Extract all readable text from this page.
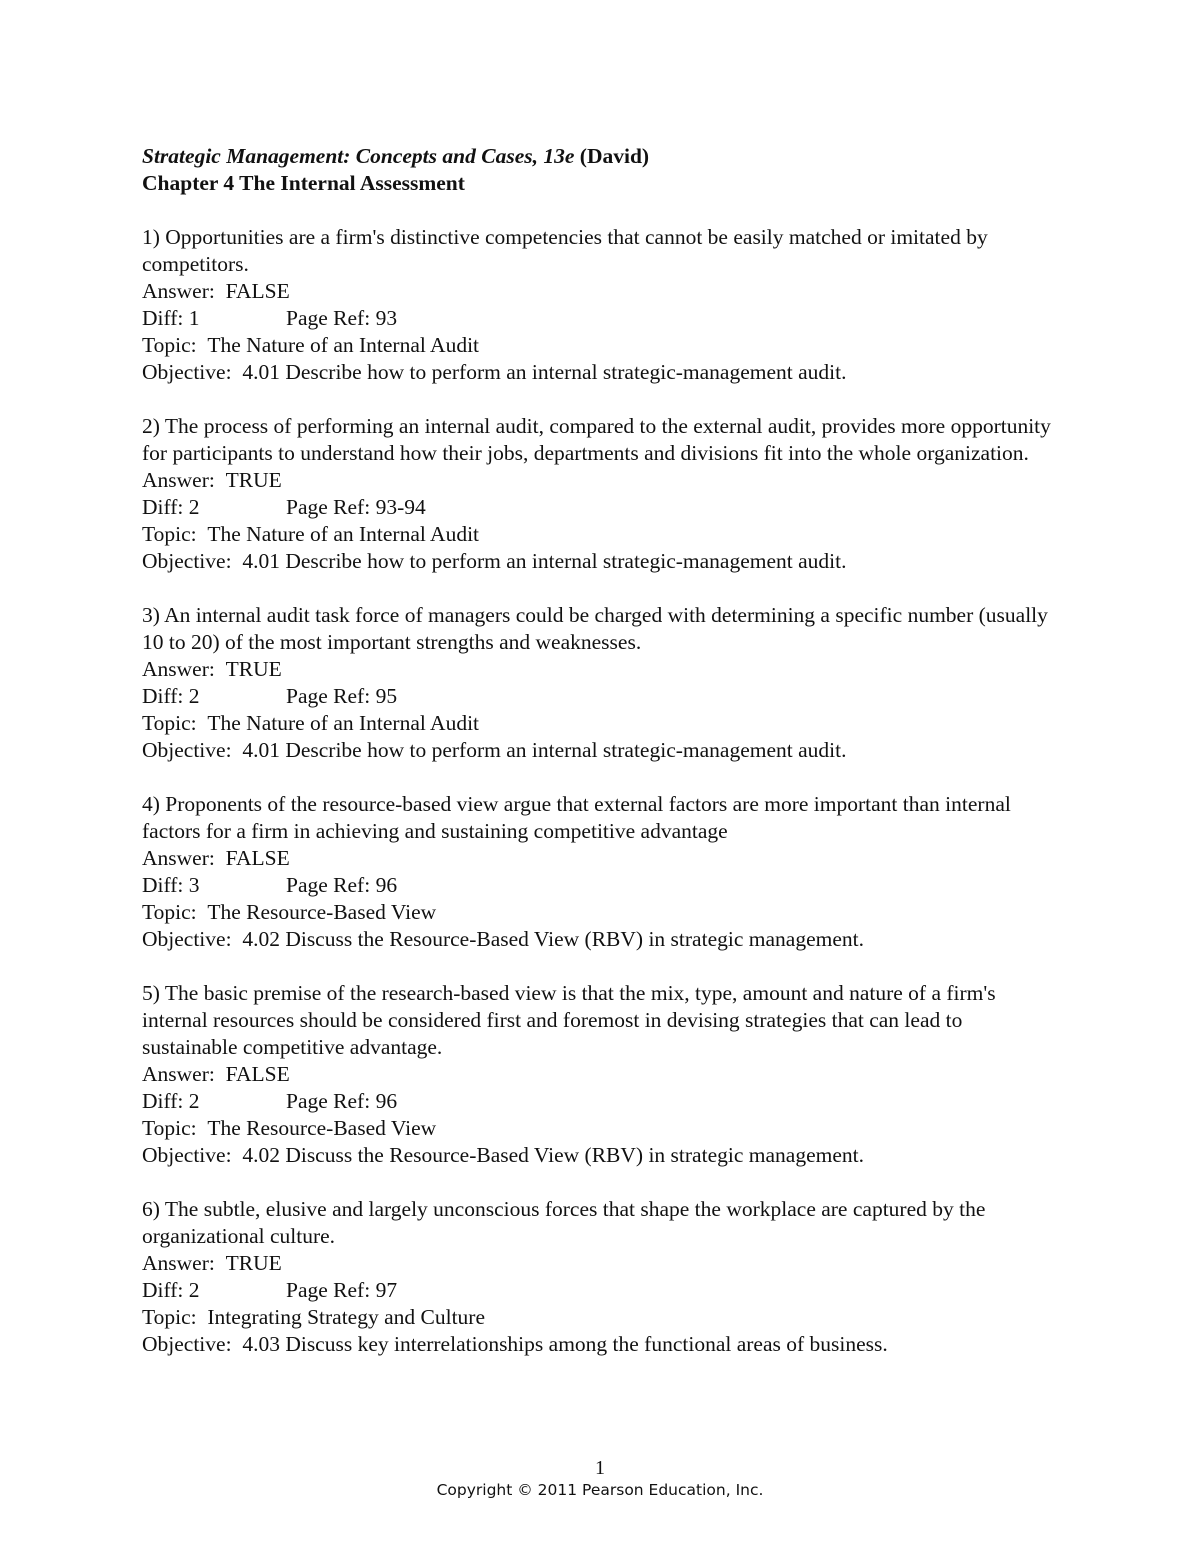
Strategic Management: Concepts and Cases, 13e (David)
Chapter 4 The Internal Assessment
1) Opportunities are a firm's distinctive competencies that cannot be easily matched or imitated by competitors.
Answer: FALSE
Diff: 1	Page Ref: 93
Topic: The Nature of an Internal Audit
Objective: 4.01 Describe how to perform an internal strategic-management audit.
2) The process of performing an internal audit, compared to the external audit, provides more opportunity for participants to understand how their jobs, departments and divisions fit into the whole organization.
Answer: TRUE
Diff: 2	Page Ref: 93-94
Topic: The Nature of an Internal Audit
Objective: 4.01 Describe how to perform an internal strategic-management audit.
3) An internal audit task force of managers could be charged with determining a specific number (usually 10 to 20) of the most important strengths and weaknesses.
Answer: TRUE
Diff: 2	Page Ref: 95
Topic: The Nature of an Internal Audit
Objective: 4.01 Describe how to perform an internal strategic-management audit.
4) Proponents of the resource-based view argue that external factors are more important than internal factors for a firm in achieving and sustaining competitive advantage
Answer: FALSE
Diff: 3	Page Ref: 96
Topic: The Resource-Based View
Objective: 4.02 Discuss the Resource-Based View (RBV) in strategic management.
5) The basic premise of the research-based view is that the mix, type, amount and nature of a firm's internal resources should be considered first and foremost in devising strategies that can lead to sustainable competitive advantage.
Answer: FALSE
Diff: 2	Page Ref: 96
Topic: The Resource-Based View
Objective: 4.02 Discuss the Resource-Based View (RBV) in strategic management.
6) The subtle, elusive and largely unconscious forces that shape the workplace are captured by the organizational culture.
Answer: TRUE
Diff: 2	Page Ref: 97
Topic: Integrating Strategy and Culture
Objective: 4.03 Discuss key interrelationships among the functional areas of business.
1
Copyright © 2011 Pearson Education, Inc.
